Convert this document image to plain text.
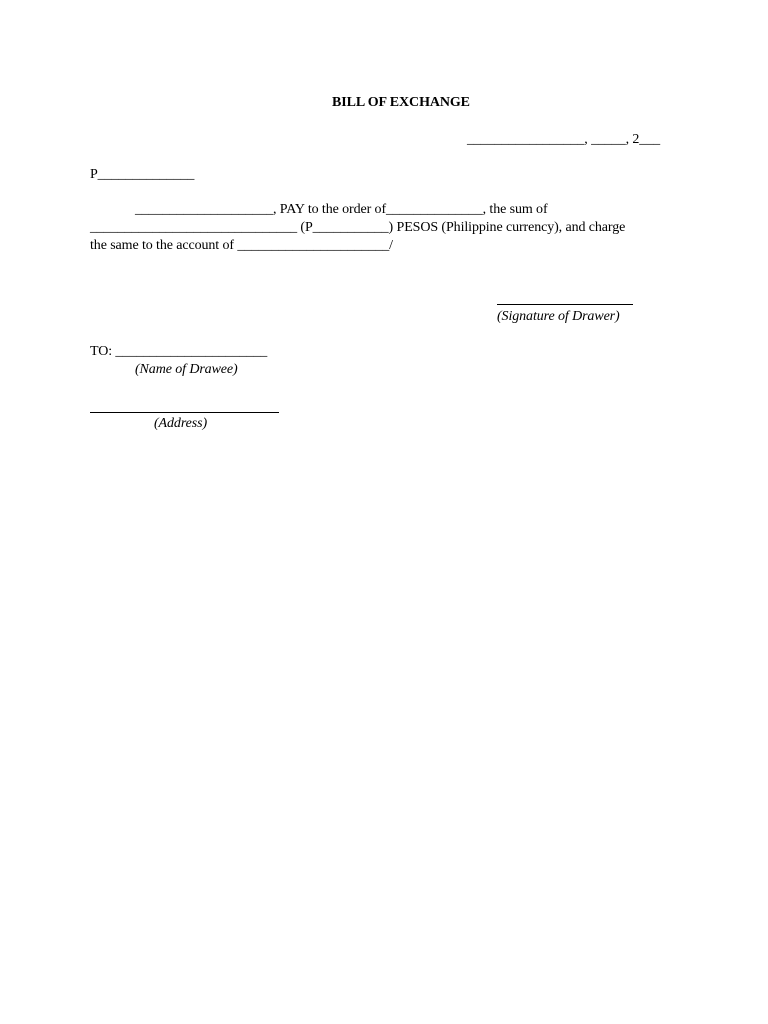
BILL OF EXCHANGE
_________________, _____, 2___
P______________
____________________, PAY to the order of______________, the sum of
______________________________ (P___________) PESOS (Philippine currency), and charge
the same to the account of ______________________/
(Signature of Drawer)
TO: ______________________
(Name of Drawee)
(Address)
